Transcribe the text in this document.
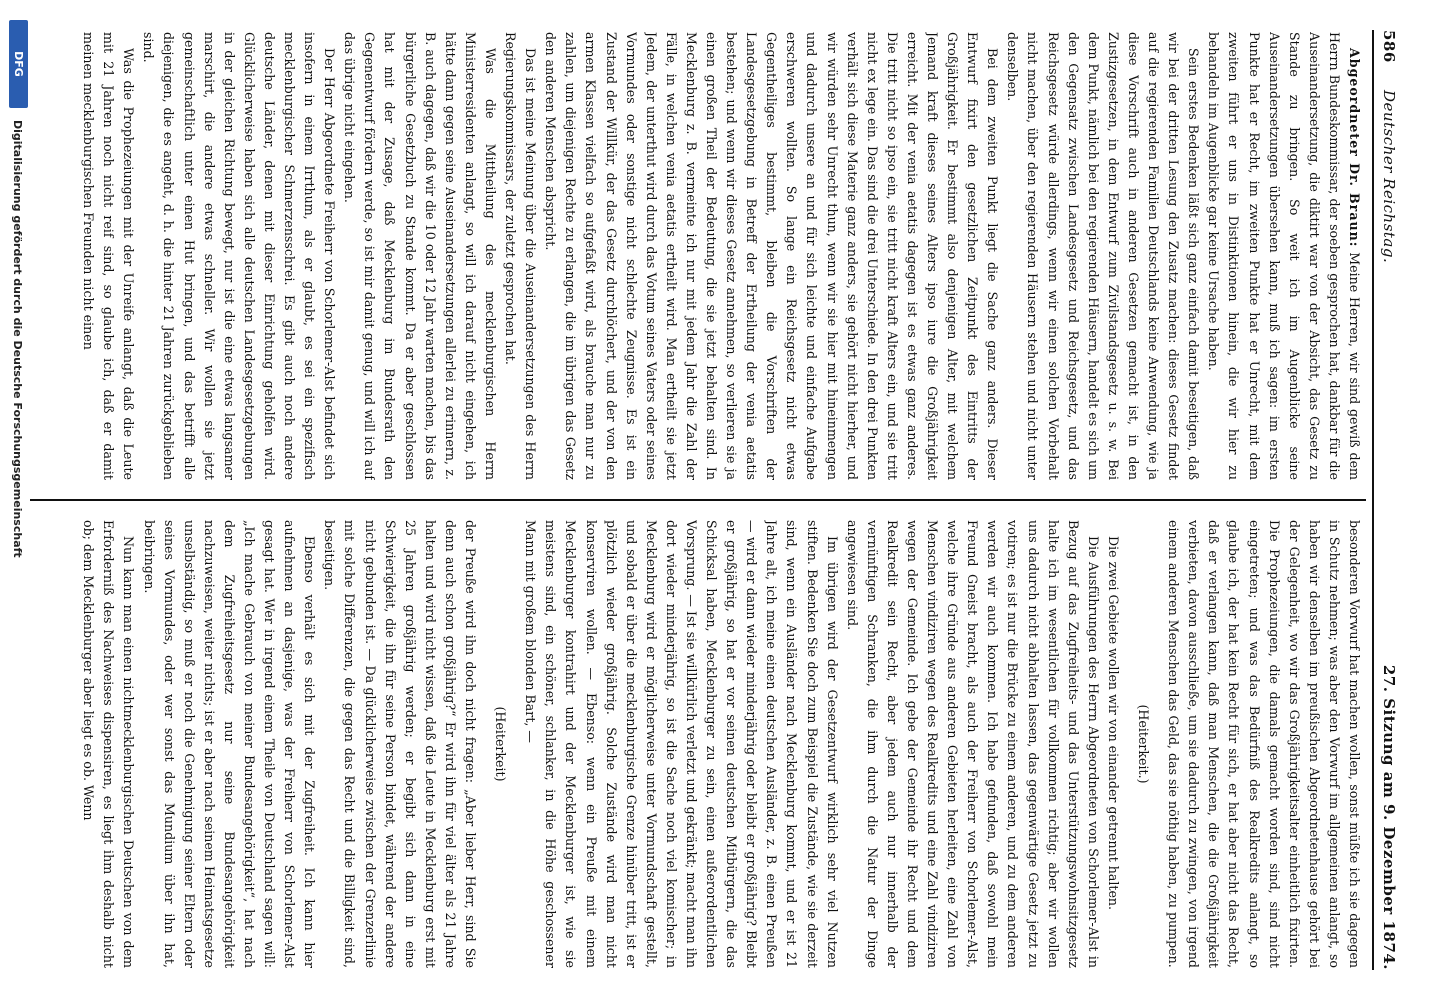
586
Deutscher Reichstag.
27. Sitzung am 9. Dezember 1874.

Abgeordneter Dr. Braun: Meine Herren, wir sind gewiß dem Herrn Bundeskommissar, der soeben gesprochen hat, dankbar für die Auseinandersetzung, die diktirt war von der Absicht, das Gesetz zu Stande zu bringen. So weit ich im Augenblicke seine Auseinandersetzungen übersehen kann, muß ich sagen: im ersten Punkte hat er Recht, im zweiten Punkte hat er Unrecht, mit dem zweiten führt er uns in Distinktionen hinein, die wir hier zu behandeln im Augenblicke gar keine Ursache haben.

Sein erstes Bedenken läßt sich ganz einfach damit beseitigen, daß wir bei der dritten Lesung den Zusatz machen: dieses Gesetz findet auf die regierenden Familien Deutschlands keine Anwendung, wie ja diese Vorschrift auch in anderen Gesetzen gemacht ist, in den Zustizgesetzen, in dem Entwurf zum Zivilstandsgesetz u. s. w. Bei dem Punkt, nämlich bei den regierenden Häusern, handelt es sich um den Gegensatz zwischen Landesgesetz und Reichsgesetz, und das Reichsgesetz würde allerdings, wenn wir einen solchen Vorbehalt nicht machen, über den regierenden Häusern stehen und nicht unter denselben.

Bei dem zweiten Punkt liegt die Sache ganz anders. Dieser Entwurf fixirt den gesetzlichen Zeitpunkt des Eintritts der Großjährigkeit. Er bestimmt also denjenigen Alter, mit welchem Jemand kraft dieses seines Alters ipso iure die Großjährigkeit erreicht. Mit der venia aetatis dagegen ist es etwas ganz anderes. Die tritt nicht so ipso ein, sie tritt nicht kraft Alters ein, und sie tritt nicht ex lege ein. Das sind die drei Unterschiede. In den drei Punkten verhält sich diese Materie ganz anders, sie gehört nicht hierher, und wir würden sehr Unrecht thun, wenn wir sie hier mit hineinmengen und dadurch unsere an und für sich leichte und einfache Aufgabe erschweren wollten. So lange ein Reichsgesetz nicht etwas Gegentheiliges bestimmt, bleiben die Vorschriften der Landesgesetzgebung in Betreff der Ertheilung der venia aetatis bestehen; und wenn wir dieses Gesetz annehmen, so verlieren sie ja einen großen Theil der Bedeutung, die sie jetzt behalten sind. In Mecklenburg z. B. vermeinte ich nur mit jedem Jahr die Zahl der Fälle, in welchen venia aetatis ertheilt wird. Man ertheilt sie jetzt Jedem, der unterthut wird durch das Votum seines Vaters oder seines Vormundes oder sonstige nicht schlechte Zeugnisse. Es ist ein Zustand der Willkür, der das Gesetz durchlöchert, und der von den armen Klassen vielfach so aufgefaßt wird, als brauche man nur zu zahlen, um diejenigen Rechte zu erlangen, die im übrigen das Gesetz den anderen Menschen abspricht.

Das ist meine Meinung über die Auseinandersetzungen des Herrn Regierungskommissars, der zuletzt gesprochen hat.

Was die Mittheilung des mecklenburgischen Herrn Ministerresidenten anlangt, so will ich darauf nicht eingehen, ich hätte dann gegen seine Auseinandersetzungen allerlei zu erinnern, z. B. auch dagegen, daß wir die 10 oder 12 Jahr warten machen, bis das bürgerliche Gesetzbuch zu Stande kommt. Da er aber geschlossen hat mit der Zusage, daß Mecklenburg im Bundesrath den Gegenentwurf fördern werde, so ist mir damit genug, und will ich auf das übrige nicht eingehen.

Der Herr Abgeordnete Freiherr von Schorlemer-Alst befindet sich insofern in einem Irrthum, als er glaubt, es sei ein spezifisch mecklenburgischer Schmerzensschrei. Es gibt auch noch andere deutsche Länder, denen mit dieser Einrichtung geholfen wird. Glücklicherweise haben sich alle deutschen Landesgesetzgebungen in der gleichen Richtung bewegt, nur ist die eine etwas langsamer marschirt, die andere etwas schneller. Wir wollen sie jetzt gemeinschaftlich unter einen Hut bringen, und das betrifft alle diejenigen, die es angeht, d. h. die hinter 21 Jahren zurückgeblieben sind.

Was die Prophezeiungen mit der Unreife anlangt, daß die Leute mit 21 Jahren noch nicht reif sind, so glaube ich, daß er damit meinen mecklenburgischen Freunden nicht einen

besonderen Vorwurf hat machen wollen, sonst müßte ich sie dagegen in Schutz nehmen; was aber den Vorwurf im allgemeinen anlangt, so haben wir denselben im preußischen Abgeordnetenhause gehört bei der Gelegenheit, wo wir das Großjährigkeitsalter einheitlich fixirten. Die Prophezeiungen, die damals gemacht worden sind, sind nicht eingetreten; und was das Bedürfniß des Realkredits anlangt, so glaube ich, der hat kein Recht für sich, er hat aber nicht das Recht, daß er verlangen kann, daß man Menschen, die die Großjährigkeit verbieten, davon ausschließe, um sie dadurch zu zwingen, von irgend einem anderen Menschen das Geld, das sie nöthig haben, zu pumpen.

(Heiterkeit.)

Die zwei Gebiete wollen wir von einander getrennt halten.

Die Ausführungen des Herrn Abgeordneten von Schorlemer-Alst in Bezug auf das Zugfreiheits- und das Unterstützungswohnsitzgesetz halte ich im wesentlichen für vollkommen richtig; aber wir wollen uns dadurch nicht abhalten lassen, das gegenwärtige Gesetz jetzt zu votiren; es ist nur die Brücke zu einem anderen, und zu dem anderen werden wir auch kommen. Ich habe gefunden, daß sowohl mein Freund Gneist bracht, als auch der Freiherr von Schorlemer-Alst, welche ihre Gründe aus anderen Gebieten herleiten, eine Zahl von Menschen vindiziren wegen des Realkredits und eine Zahl vindiziren wegen der Gemeinde. Ich gebe der Gemeinde ihr Recht und dem Realkredit sein Recht, aber jedem auch nur innerhalb der vernünftigen Schranken, die ihm durch die Natur der Dinge angewiesen sind.

Im übrigen wird der Gesetzentwurf wirklich sehr viel Nutzen stiften. Bedenken Sie doch zum Beispiel die Zustände, wie sie derzeit sind, wenn ein Ausländer nach Mecklenburg kommt, und er ist 21 Jahre alt, ich meine einen deutschen Ausländer, z. B. einen Preußen — wird er dann wieder minderjährig oder bleibt er großjährig? Bleibt er großjährig, so hat er vor seinen deutschen Mitbürgern, die das Schicksal haben, Mecklenburger zu sein, einen außerordentlichen Vorsprung. — Ist sie willkürlich verletzt und gekränkt; macht man ihn dort wieder minderjährig, so ist die Sache noch viel komischer; in Mecklenburg wird er möglicherweise unter Vormundschaft gestellt, und sobald er über die mecklenburgische Grenze hinüber tritt, ist er plötzlich wieder großjährig. Solche Zustände wird man nicht konserviren wollen. — Ebenso: wenn ein Preuße mit einem Mecklenburger kontrahirt und der Mecklenburger ist, wie sie meistens sind, ein schöner, schlanker, in die Höhe geschossener Mann mit großem blonden Bart, —

(Heiterkeit)

der Preuße wird ihn doch nicht fragen: „Aber lieber Herr, sind Sie denn auch schon großjährig?“ Er wird ihn für viel älter als 21 Jahre halten und wird nicht wissen, daß die Leute in Mecklenburg erst mit 25 Jahren großjährig werden; er begibt sich dann in eine Schwierigkeit, die ihn für seine Person bindet, während der andere nicht gebunden ist. — Da glücklicherweise zwischen der Grenzerlinie mit solche Differenzen, die gegen das Recht und die Billigkeit sind, beseitigen.

Ebenso verhält es sich mit der Zugfreiheit. Ich kann hier aufnehmen an dasjenige, was der Freiherr von Schorlemer-Alst gesagt hat. Wer in irgend einem Theile von Deutschland sagen will: „Ich mache Gebrauch von meiner Bundesangehörigkeit“, hat nach dem Zugfreiheitsgesetz nur seine Bundesangehörigkeit nachzuweisen, weiter nichts; ist er aber nach seinem Heimatsgesetze unselbständig, so muß er noch die Genehmigung seiner Eltern oder seines Vormundes, oder wer sonst das Mundium über ihn hat, beibringen.

Nun kann man einen nichtmecklenburgischen Deutschen von dem Erforderniß des Nachweises dispensiren, es liegt ihm deshalb nicht ob; dem Mecklenburger aber liegt es ob. Wenn

DFG
Digitalisierung gefördert durch die Deutsche Forschungsgemeinschaft
